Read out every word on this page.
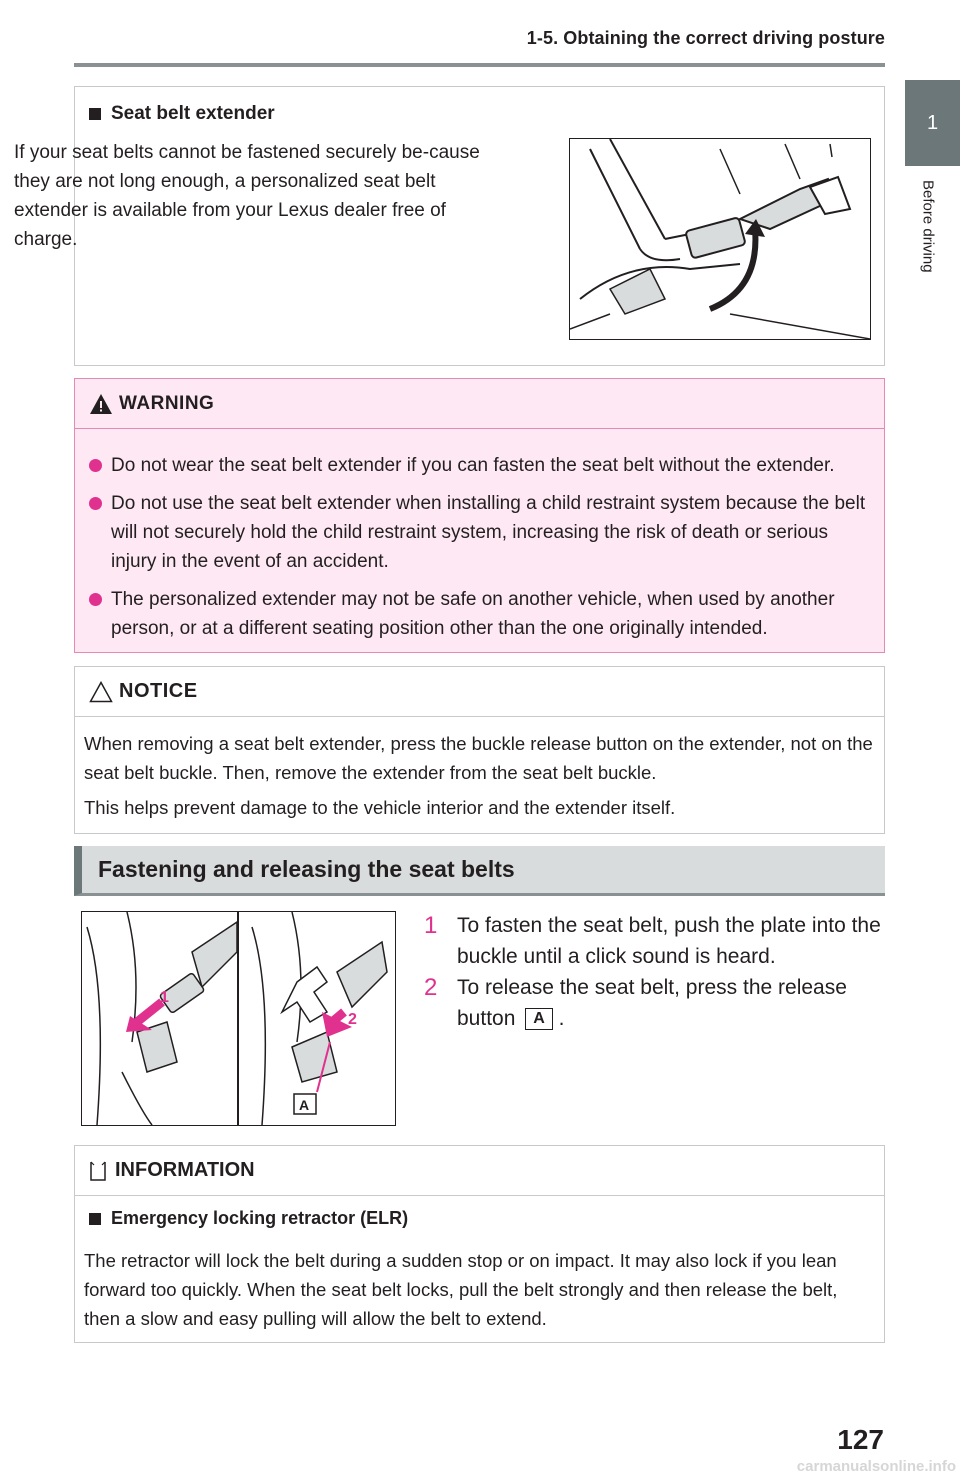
1-5. Obtaining the correct driving posture
1
Before driving
Seat belt extender
If your seat belts cannot be fastened securely be-cause they are not long enough, a personalized seat belt extender is available from your Lexus dealer free of charge.
WARNING
Do not wear the seat belt extender if you can fasten the seat belt without the extender.
Do not use the seat belt extender when installing a child restraint system because the belt will not securely hold the child restraint system, increasing the risk of death or serious injury in the event of an accident.
The personalized extender may not be safe on another vehicle, when used by another person, or at a different seating position other than the one originally intended.
NOTICE
When removing a seat belt extender, press the buckle release button on the extender, not on the seat belt buckle. Then, remove the extender from the seat belt buckle.
This helps prevent damage to the vehicle interior and the extender itself.
Fastening and releasing the seat belts
1
2
A
1 To fasten the seat belt, push the plate into the buckle until a click sound is heard.
2 To release the seat belt, press the release button A .
INFORMATION
Emergency locking retractor (ELR)
The retractor will lock the belt during a sudden stop or on impact. It may also lock if you lean forward too quickly. When the seat belt locks, pull the belt strongly and then release the belt, then a slow and easy pulling will allow the belt to extend.
127
carmanualsonline.info
